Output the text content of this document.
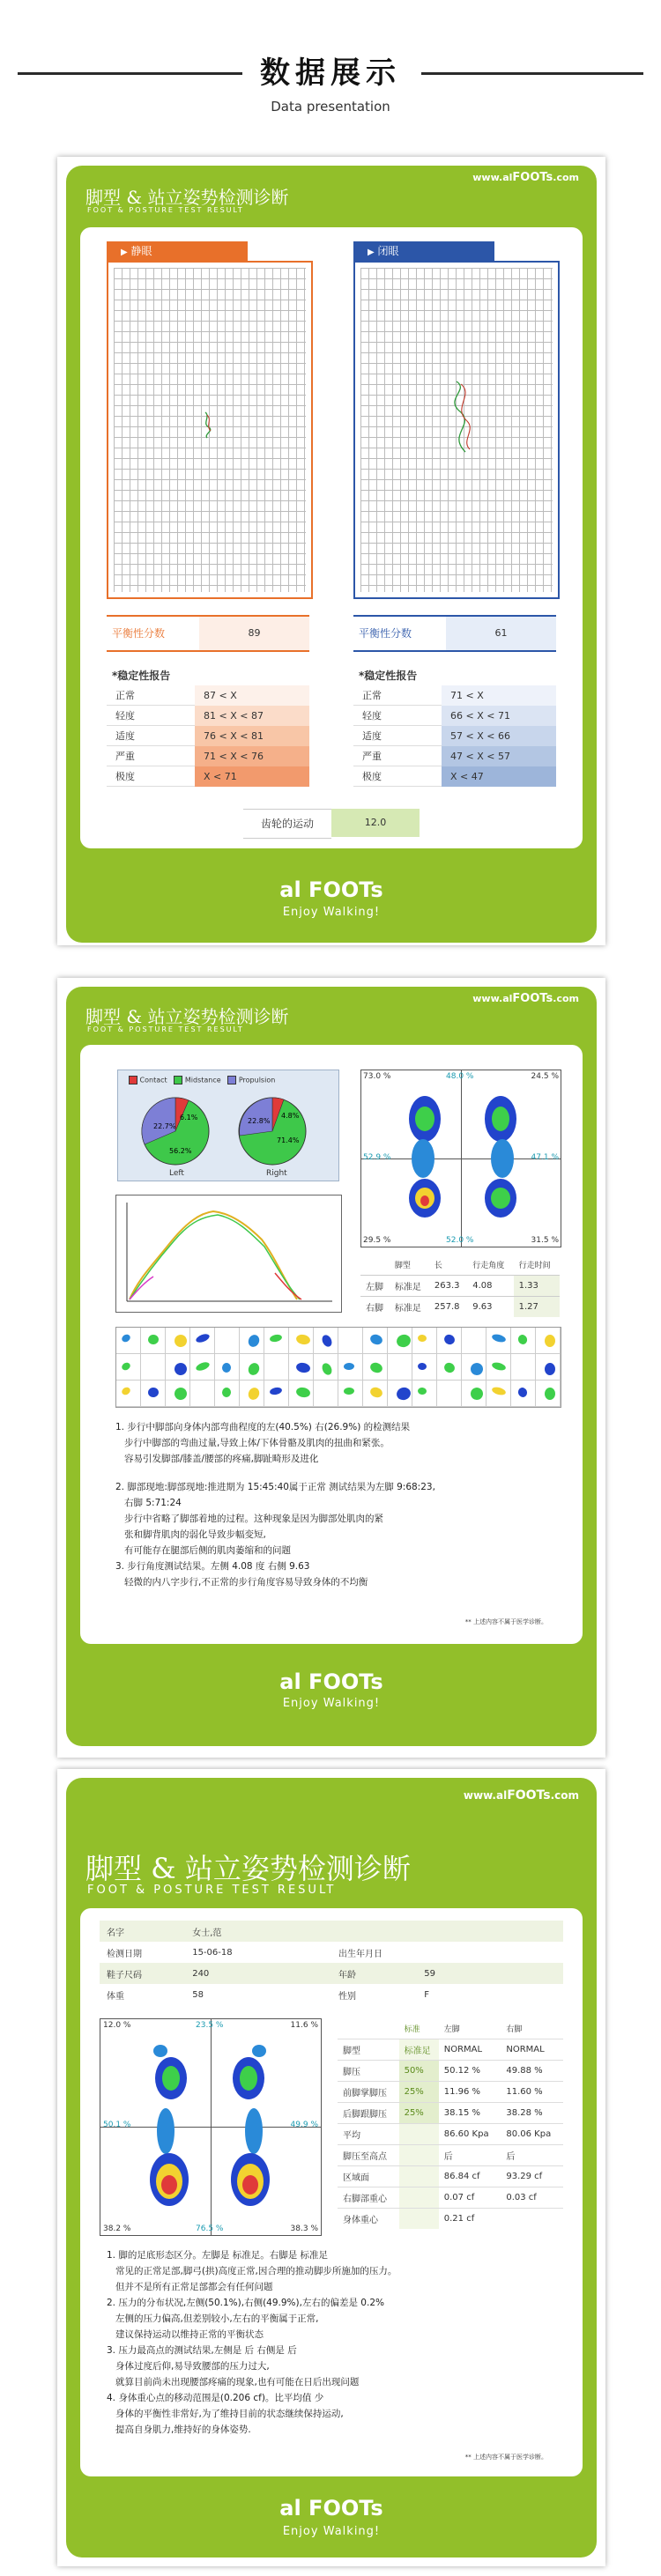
数据展示
Data presentation
www.alFOOTs.com
脚型 & 站立姿势检测诊断
FOOT & POSTURE TEST RESULT
▶ 静眼	▶ 闭眼
平衡性分数	89	平衡性分数	61
*稳定性报告	*稳定性报告
正常	87 < X
轻度	81 < X < 87
适度	76 < X < 81
严重	71 < X < 76
极度	X < 71
正常	71 < X
轻度	66 < X < 71
适度	57 < X < 66
严重	47 < X < 57
极度	X < 47
齿轮的运动	12.0
al FOOTs
Enjoy Walking!
www.alFOOTs.com
脚型 & 站立姿势检测诊断
FOOT & POSTURE TEST RESULT
Contact	Midstance	Propulsion
6.1%
22.7%
56.2%
22.8%
4.8%
71.4%
Left	Right
73.0 %	48.0 %	24.5 %
52.9 %	47.1 %
29.5 %	52.0 %	31.5 %
	脚型	长	行走角度	行走时间
左脚	标准足	263.3	4.08	1.33
右脚	标准足	257.8	9.63	1.27
1. 步行中脚部向身体内部弯曲程度的左(40.5%) 右(26.9%) 的检测结果
步行中脚部的弯曲过量,导致上体/下体骨骼及肌肉的扭曲和紧张。
容易引发脚部/膝盖/腰部的疼痛,脚趾畸形及进化
2. 脚部现地:脚部现地:推进期为 15:45:40属于正常 测试结果为左脚 9:68:23,
右脚 5:71:24
步行中省略了脚部着地的过程。这种现象是因为脚部处肌肉的紧
张和脚背肌肉的弱化导致步幅变短,
有可能存在腿部后侧的肌肉萎缩和的问题
3. 步行角度测试结果。左侧 4.08 度 右侧 9.63
轻微的内八字步行,不正常的步行角度容易导致身体的不均衡
** 上述内容不属于医学诊断。
al FOOTs
Enjoy Walking!
www.alFOOTs.com
脚型 & 站立姿势检测诊断
FOOT & POSTURE TEST RESULT
名字	女士,范		
检测日期	15-06-18	出生年月日	
鞋子尺码	240	年龄	59
体重	58	性别	F
12.0 %	23.5 %	11.6 %
50.1 %	49.9 %
38.2 %	76.5 %	38.3 %
	标准	左脚	右脚
脚型	标准足	NORMAL	NORMAL
脚压	50%	50.12 %	49.88 %
前脚掌脚压	25%	11.96 %	11.60 %
后脚跟脚压	25%	38.15 %	38.28 %
平均		86.60 Kpa	80.06 Kpa
脚压至高点		后	后
区域面		86.84 cf	93.29 cf
右脚部重心		0.07 cf	0.03 cf
身体重心		0.21 cf	
1. 脚的足底形态区分。左脚是 标准足。右脚是 标准足
常见的正常足部,脚弓(拱)高度正常,因合理的推动脚步所施加的压力。
但并不是所有正常足部都会有任何问题
2. 压力的分布状况,左侧(50.1%),右侧(49.9%),左右的偏差是 0.2%
左侧的压力偏高,但差别较小,左右的平衡属于正常,
建议保持运动以维持正常的平衡状态
3. 压力最高点的测试结果,左侧是 后 右侧是 后
身体过度后仰,易导致腰部的压力过大,
就算目前尚未出现腰部疼痛的现象,也有可能在日后出现问题
4. 身体重心点的移动范围是(0.206 cf)。比平均值 少
身体的平衡性非常好,为了维持目前的状态继续保持运动,
提高自身肌力,维持好的身体姿势.
** 上述内容不属于医学诊断。
al FOOTs
Enjoy Walking!
